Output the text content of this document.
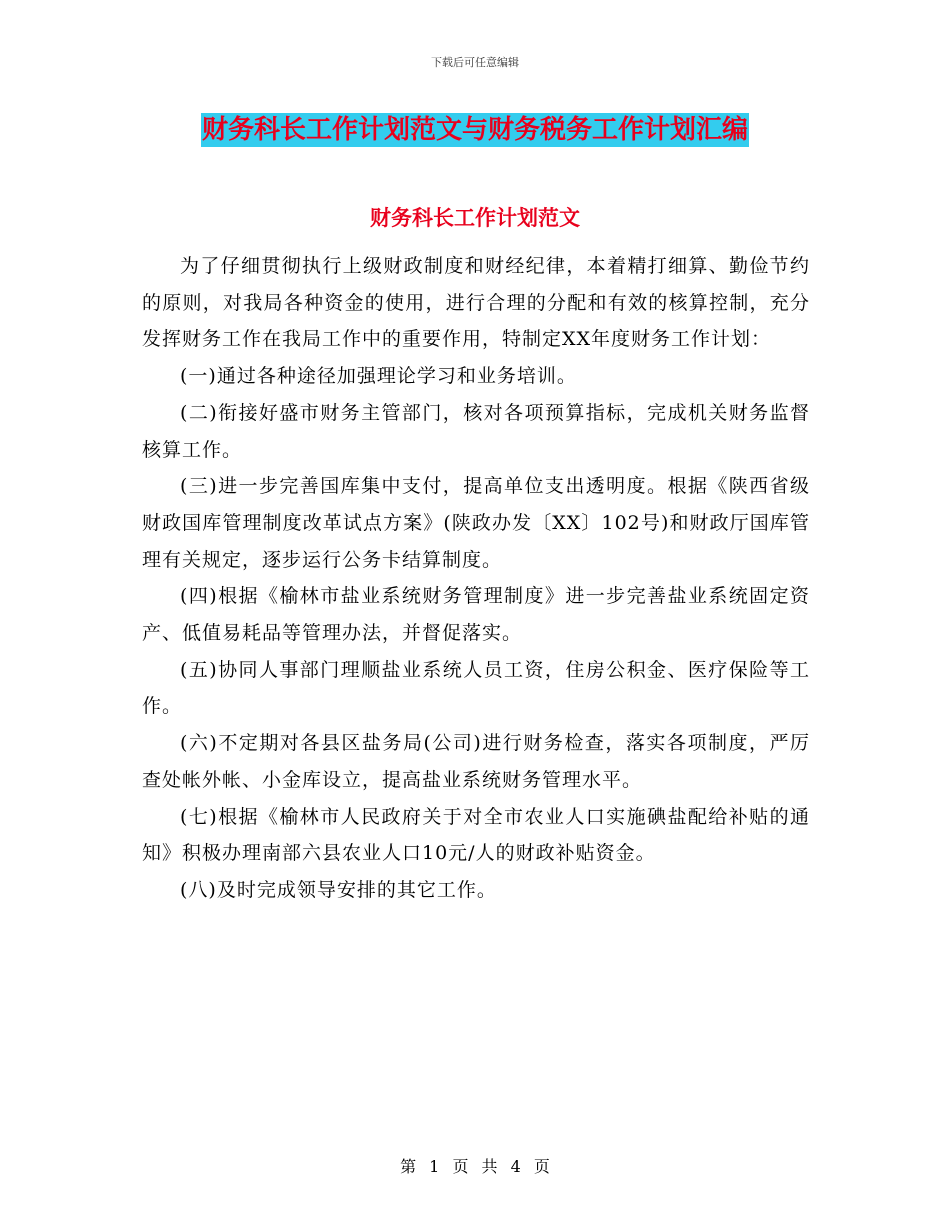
下载后可任意编辑
财务科长工作计划范文与财务税务工作计划汇编
财务科长工作计划范文

为了仔细贯彻执行上级财政制度和财经纪律，本着精打细算、勤俭节约的原则，对我局各种资金的使用，进行合理的分配和有效的核算控制，充分发挥财务工作在我局工作中的重要作用，特制定XX年度财务工作计划：

(一)通过各种途径加强理论学习和业务培训。

(二)衔接好盛市财务主管部门，核对各项预算指标，完成机关财务监督核算工作。

(三)进一步完善国库集中支付，提高单位支出透明度。根据《陕西省级财政国库管理制度改革试点方案》(陕政办发〔XX〕102号)和财政厅国库管理有关规定，逐步运行公务卡结算制度。

(四)根据《榆林市盐业系统财务管理制度》进一步完善盐业系统固定资产、低值易耗品等管理办法，并督促落实。

(五)协同人事部门理顺盐业系统人员工资，住房公积金、医疗保险等工作。

(六)不定期对各县区盐务局(公司)进行财务检查，落实各项制度，严厉查处帐外帐、小金库设立，提高盐业系统财务管理水平。

(七)根据《榆林市人民政府关于对全市农业人口实施碘盐配给补贴的通知》积极办理南部六县农业人口10元/人的财政补贴资金。

(八)及时完成领导安排的其它工作。

第 1 页 共 4 页
